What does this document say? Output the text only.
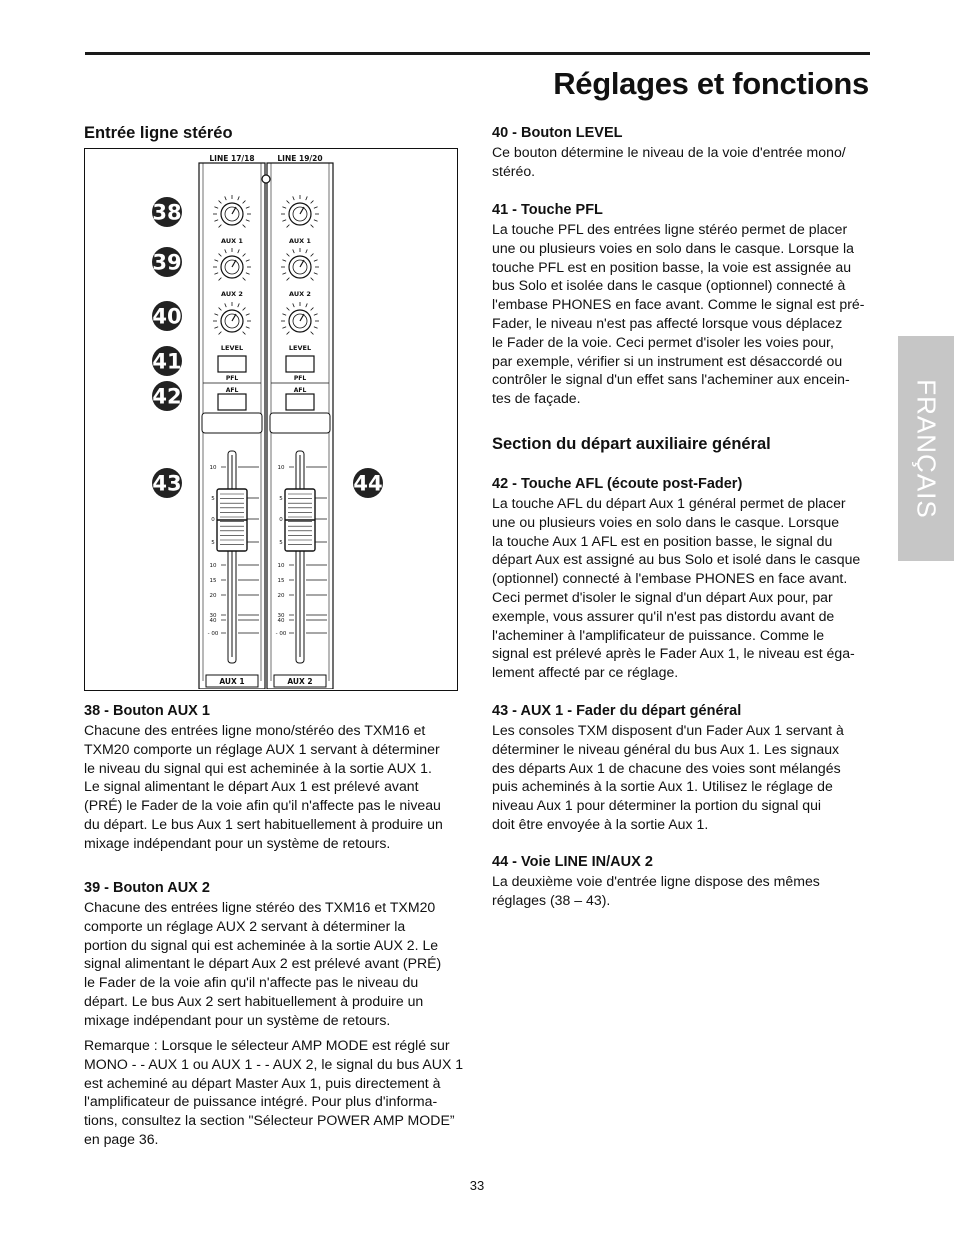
Réglages et fonctions
FRANÇAIS
Entrée ligne stéréo
LINE 17/18
AUX 1
AUX 2
LEVEL
PFL
AFL
10
5
0
5
10
15
20
30
40
- 00
AUX 1
LINE 19/20
AUX 1
AUX 2
LEVEL
PFL
AFL
10
5
0
5
10
15
20
30
40
- 00
AUX 2
38
39
40
41
42
43	44
38 - Bouton AUX 1
Chacune des entrées ligne mono/stéréo des TXM16 et
TXM20 comporte un réglage AUX 1 servant à déterminer
le niveau du signal qui est acheminée à la sortie AUX 1.
Le signal alimentant le départ Aux 1 est prélevé avant
(PRÉ) le Fader de la voie afin qu'il n'affecte pas le niveau
du départ. Le bus Aux 1 sert habituellement à produire un
mixage indépendant pour un système de retours.
39 - Bouton AUX 2
Chacune des entrées ligne stéréo des TXM16 et TXM20
comporte un réglage AUX 2 servant à déterminer la
portion du signal qui est acheminée à la sortie AUX 2. Le
signal alimentant le départ Aux 2 est prélevé avant (PRÉ)
le Fader de la voie afin qu'il n'affecte pas le niveau du
départ. Le bus Aux 2 sert habituellement à produire un
mixage indépendant pour un système de retours.
Remarque : Lorsque le sélecteur AMP MODE est réglé sur
MONO - - AUX 1 ou AUX 1 - - AUX 2, le signal du bus AUX 1
est acheminé au départ Master Aux 1, puis directement à
l'amplificateur de puissance intégré. Pour plus d'informa-
tions, consultez la section "Sélecteur POWER AMP MODE”
en page 36.
40 - Bouton LEVEL
Ce bouton détermine le niveau de la voie d'entrée mono/
stéréo.
41 - Touche PFL
La touche PFL des entrées ligne stéréo permet de placer
une ou plusieurs voies en solo dans le casque. Lorsque la
touche PFL est en position basse, la voie est assignée au
bus Solo et isolée dans le casque (optionnel) connecté à
l'embase PHONES en face avant. Comme le signal est pré-
Fader, le niveau n'est pas affecté lorsque vous déplacez
le Fader de la voie. Ceci permet d'isoler les voies pour,
par exemple, vérifier si un instrument est désaccordé ou
contrôler le signal d'un effet sans l'acheminer aux encein-
tes de façade.
Section du départ auxiliaire général
42 - Touche AFL (écoute post-Fader)
La touche AFL du départ Aux 1 général permet de placer
une ou plusieurs voies en solo dans le casque. Lorsque
la touche Aux 1 AFL est en position basse, le signal du
départ Aux est assigné au bus Solo et isolé dans le casque
(optionnel) connecté à l'embase PHONES en face avant.
Ceci permet d'isoler le signal d'un départ Aux pour, par
exemple, vous assurer qu'il n'est pas distordu avant de
l'acheminer à l'amplificateur de puissance. Comme le
signal est prélevé après le Fader Aux 1, le niveau est éga-
lement affecté par ce réglage.
43 - AUX 1 - Fader du départ général
Les consoles TXM disposent d'un Fader Aux 1 servant à
déterminer le niveau général du bus Aux 1. Les signaux
des départs Aux 1 de chacune des voies sont mélangés
puis acheminés à la sortie Aux 1. Utilisez le réglage de
niveau Aux 1 pour déterminer la portion du signal qui
doit être envoyée à la sortie Aux 1.
44 - Voie LINE IN/AUX 2
La deuxième voie d'entrée ligne dispose des mêmes
réglages (38 – 43).
33
